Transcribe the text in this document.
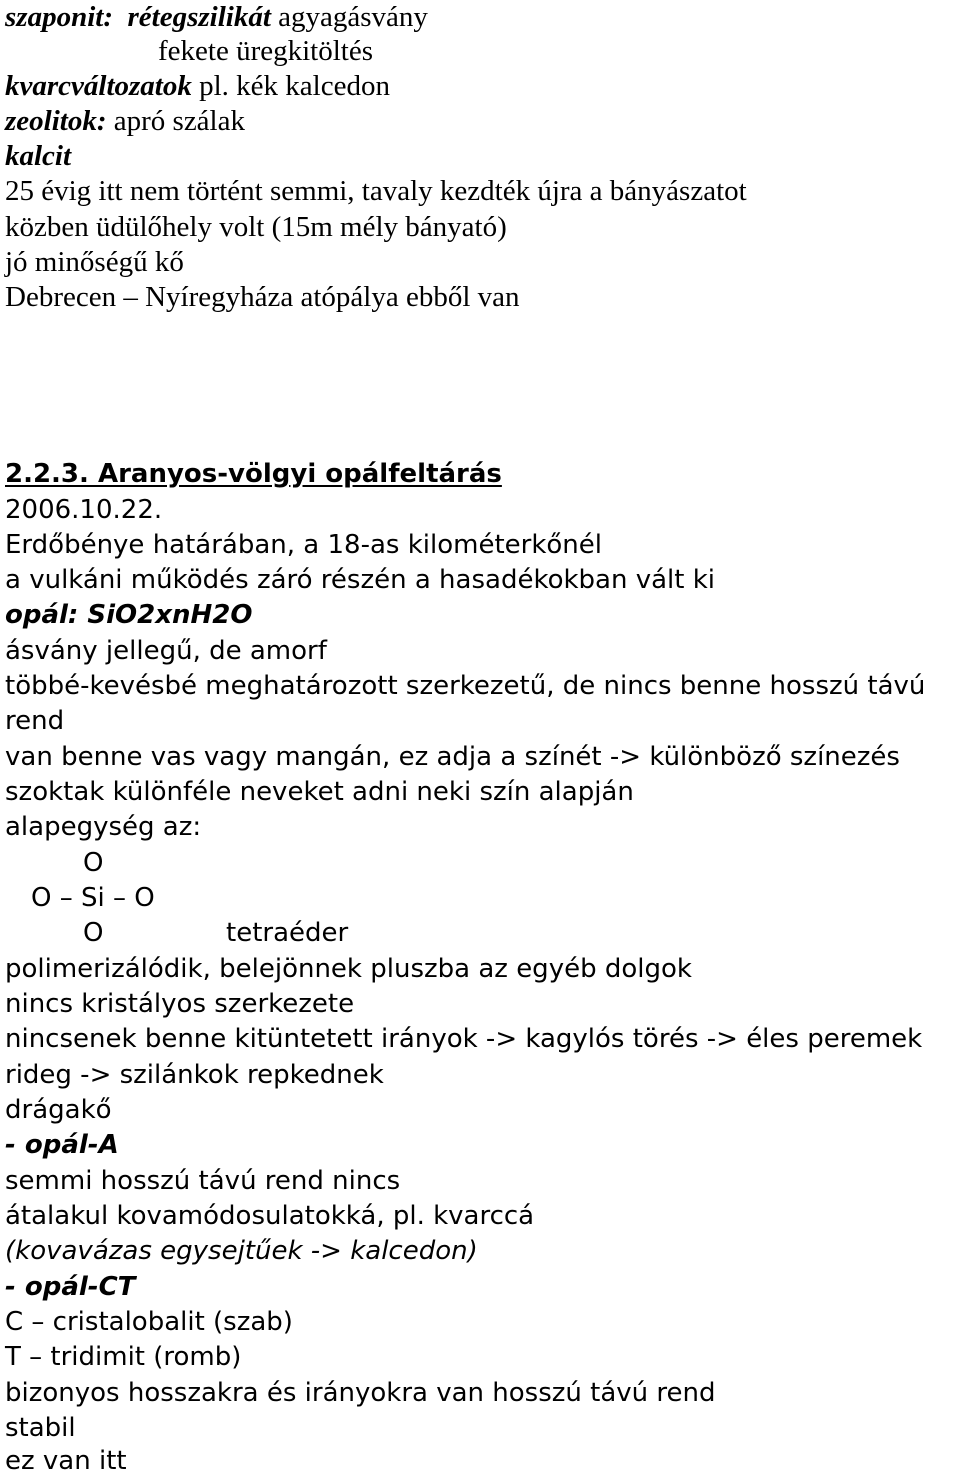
szaponit: rétegszilikát agyagásvány
fekete üregkitöltés
kvarcváltozatok pl. kék kalcedon
zeolitok: apró szálak
kalcit
25 évig itt nem történt semmi, tavaly kezdték újra a bányászatot
közben üdülőhely volt (15m mély bányató)
jó minőségű kő
Debrecen – Nyíregyháza atópálya ebből van
2.2.3. Aranyos-völgyi opálfeltárás
2006.10.22.
Erdőbénye határában, a 18-as kilométerkőnél
a vulkáni működés záró részén a hasadékokban vált ki
opál: SiO2xnH2O
ásvány jellegű, de amorf
többé-kevésbé meghatározott szerkezetű, de nincs benne hosszú távú
rend
van benne vas vagy mangán, ez adja a színét -> különböző színezés
szoktak különféle neveket adni neki szín alapján
alapegység az:
O
O – Si – O
O	tetraéder
polimerizálódik, belejönnek pluszba az egyéb dolgok
nincs kristályos szerkezete
nincsenek benne kitüntetett irányok -> kagylós törés -> éles peremek
rideg -> szilánkok repkednek
drágakő
- opál-A
semmi hosszú távú rend nincs
átalakul kovamódosulatokká, pl. kvarccá
(kovavázas egysejtűek -> kalcedon)
- opál-CT
C – cristalobalit (szab)
T – tridimit (romb)
bizonyos hosszakra és irányokra van hosszú távú rend
stabil
ez van itt
